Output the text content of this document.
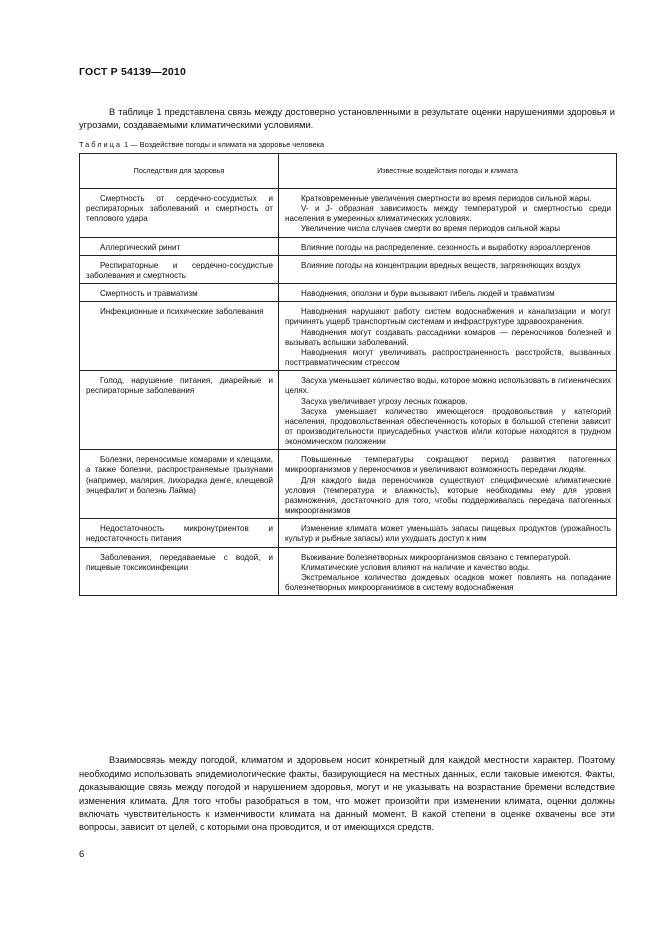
ГОСТ Р 54139—2010

В таблице 1 представлена связь между достоверно установленными в результате оценки нарушениями здоровья и угрозами, создаваемыми климатическими условиями.

Таблица 1 — Воздействие погоды и климата на здоровье человека
Последствия для здоровья	Известные воздействия погоды и климата

Смертность от сердечно-сосудистых и респираторных заболеваний и смертность от теплового удара	Кратковременные увеличения смертности во время периодов сильной жары.
V- и J- образная зависимость между температурой и смертностью среди населения в умеренных климатических условиях.
Увеличение числа случаев смерти во время периодов сильной жары

Аллергический ринит	Влияние погоды на распределение, сезонность и выработку аэроаллергенов

Респираторные и сердечно-сосудистые заболевания и смертность	Влияние погоды на концентрации вредных веществ, загрязняющих воздух

Смертность и травматизм	Наводнения, оползни и бури вызывают гибель людей и травматизм

Инфекционные и психические заболевания	Наводнения нарушают работу систем водоснабжения и канализации и могут причинять ущерб транспортным системам и инфраструктуре здравоохранения.
Наводнения могут создавать рассадники комаров — переносчиков болезней и вызывать вспышки заболеваний.
Наводнения могут увеличивать распространенность расстройств, вызванных посттравматическим стрессом

Голод, нарушение питания, диарейные и респираторные заболевания	Засуха уменьшает количество воды, которое можно использовать в гигиенических целях.
Засуха увеличивает угрозу лесных пожаров.
Засуха уменьшает количество имеющегося продовольствия у категорий населения, продовольственная обеспеченность которых в большой степени зависит от производительности приусадебных участков и/или которые находятся в трудном экономическом положении

Болезни, переносимые комарами и клещами, а также болезни, распространяемые грызунами (например, малярия, лихорадка денге, клещевой энцефалит и болезнь Лайма)	Повышенные температуры сокращают период развития патогенных микроорганизмов у переносчиков и увеличивают возможность передачи людям.
Для каждого вида переносчиков существуют специфические климатические условия (температура и влажность), которые необходимы ему для уровня размножения, достаточного для того, чтобы поддерживалась передача патогенных микроорганизмов

Недостаточность микронутриентов и недостаточность питания	Изменение климата может уменьшать запасы пищевых продуктов (урожайность культур и рыбные запасы) или ухудшать доступ к ним

Заболевания, передаваемые с водой, и пищевые токсикоинфекции	Выживание болезнетворных микроорганизмов связано с температурой.
Климатические условия влияют на наличие и качество воды.
Экстремальное количество дождевых осадков может повлиять на попадание болезнетворных микроорганизмов в систему водоснабжения

Взаимосвязь между погодой, климатом и здоровьем носит конкретный для каждой местности характер. Поэтому необходимо использовать эпидемиологические факты, базирующиеся на местных данных, если таковые имеются. Факты, доказывающие связь между погодой и нарушением здоровья, могут и не указывать на возрастание бремени вследствие изменения климата. Для того чтобы разобраться в том, что может произойти при изменении климата, оценки должны включать чувствительность к изменчивости климата на данный момент. В какой степени в оценке охвачены все эти вопросы, зависит от целей, с которыми она проводится, и от имеющихся средств.

6
